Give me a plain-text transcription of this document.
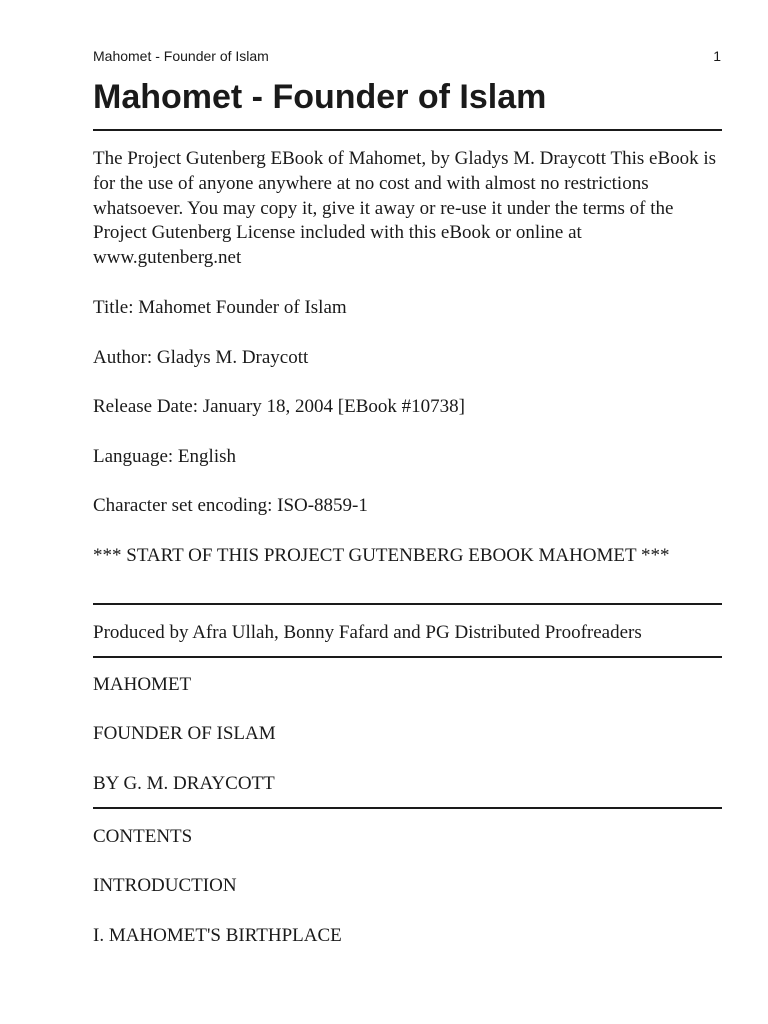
Mahomet - Founder of Islam	1
Mahomet - Founder of Islam

The Project Gutenberg EBook of Mahomet, by Gladys M. Draycott This eBook is for the use of anyone anywhere at no cost and with almost no restrictions whatsoever. You may copy it, give it away or re-use it under the terms of the Project Gutenberg License included with this eBook or online at www.gutenberg.net

Title: Mahomet Founder of Islam

Author: Gladys M. Draycott

Release Date: January 18, 2004 [EBook #10738]

Language: English

Character set encoding: ISO-8859-1

*** START OF THIS PROJECT GUTENBERG EBOOK MAHOMET ***

Produced by Afra Ullah, Bonny Fafard and PG Distributed Proofreaders

MAHOMET

FOUNDER OF ISLAM

BY G. M. DRAYCOTT

CONTENTS

INTRODUCTION

I. MAHOMET'S BIRTHPLACE
